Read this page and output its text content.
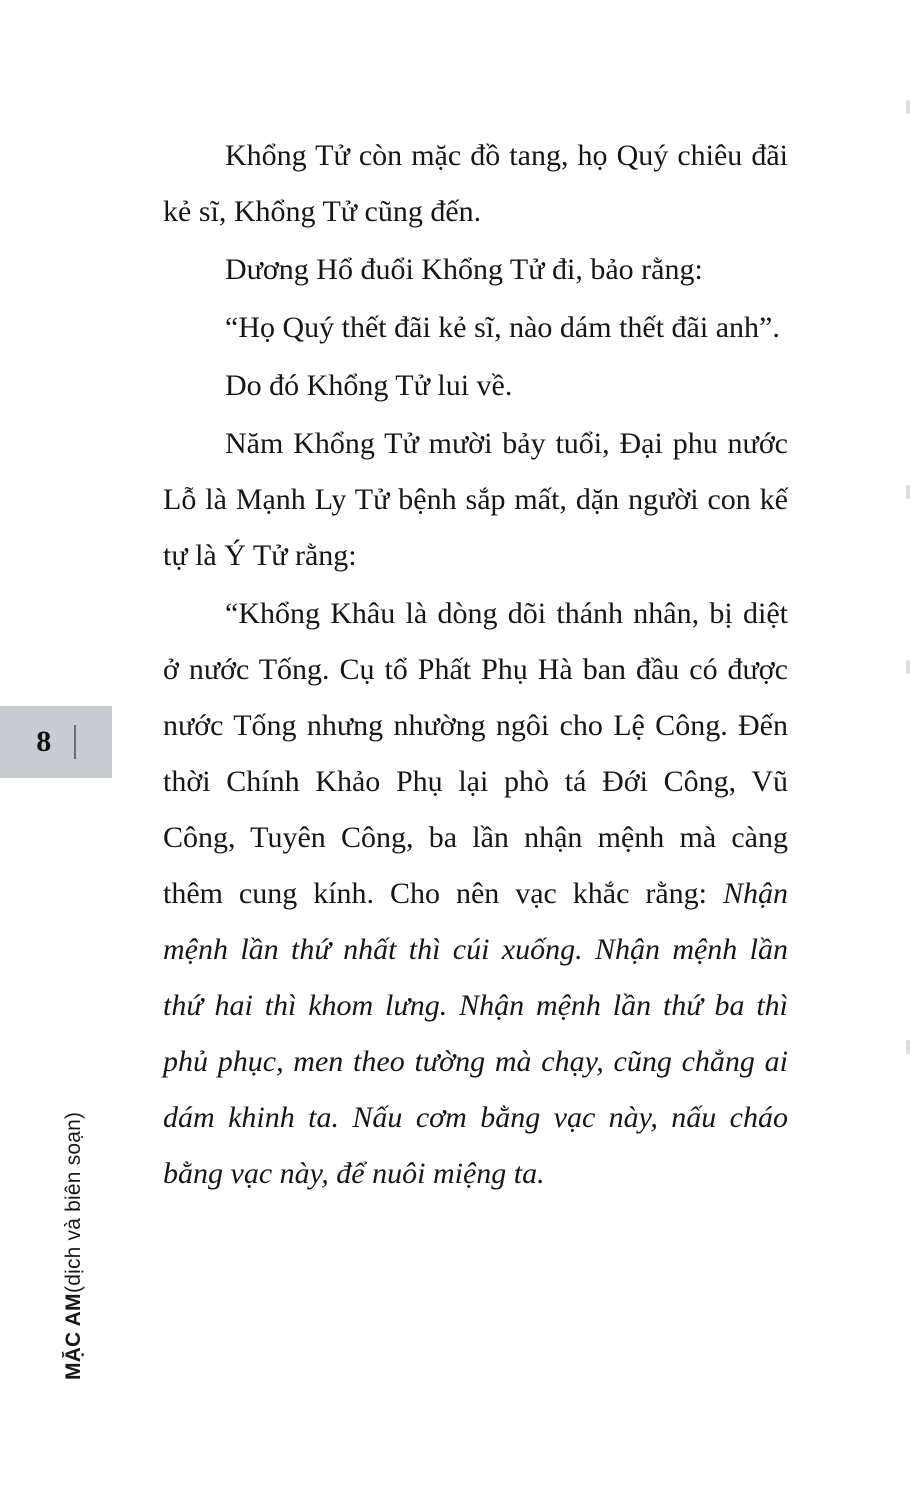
8
MẶC AM
(dịch và biên soạn)

Khổng Tử còn mặc đồ tang, họ Quý chiêu đãi kẻ sĩ, Khổng Tử cũng đến.

Dương Hổ đuổi Khổng Tử đi, bảo rằng:

“Họ Quý thết đãi kẻ sĩ, nào dám thết đãi anh”.

Do đó Khổng Tử lui về.

Năm Khổng Tử mười bảy tuổi, Đại phu nước Lỗ là Mạnh Ly Tử bệnh sắp mất, dặn người con kế tự là Ý Tử rằng:

“Khổng Khâu là dòng dõi thánh nhân, bị diệt ở nước Tống. Cụ tổ Phất Phụ Hà ban đầu có được nước Tống nhưng nhường ngôi cho Lệ Công. Đến thời Chính Khảo Phụ lại phò tá Đới Công, Vũ Công, Tuyên Công, ba lần nhận mệnh mà càng thêm cung kính. Cho nên vạc khắc rằng: Nhận mệnh lần thứ nhất thì cúi xuống. Nhận mệnh lần thứ hai thì khom lưng. Nhận mệnh lần thứ ba thì phủ phục, men theo tường mà chạy, cũng chẳng ai dám khinh ta. Nấu cơm bằng vạc này, nấu cháo bằng vạc này, để nuôi miệng ta.
